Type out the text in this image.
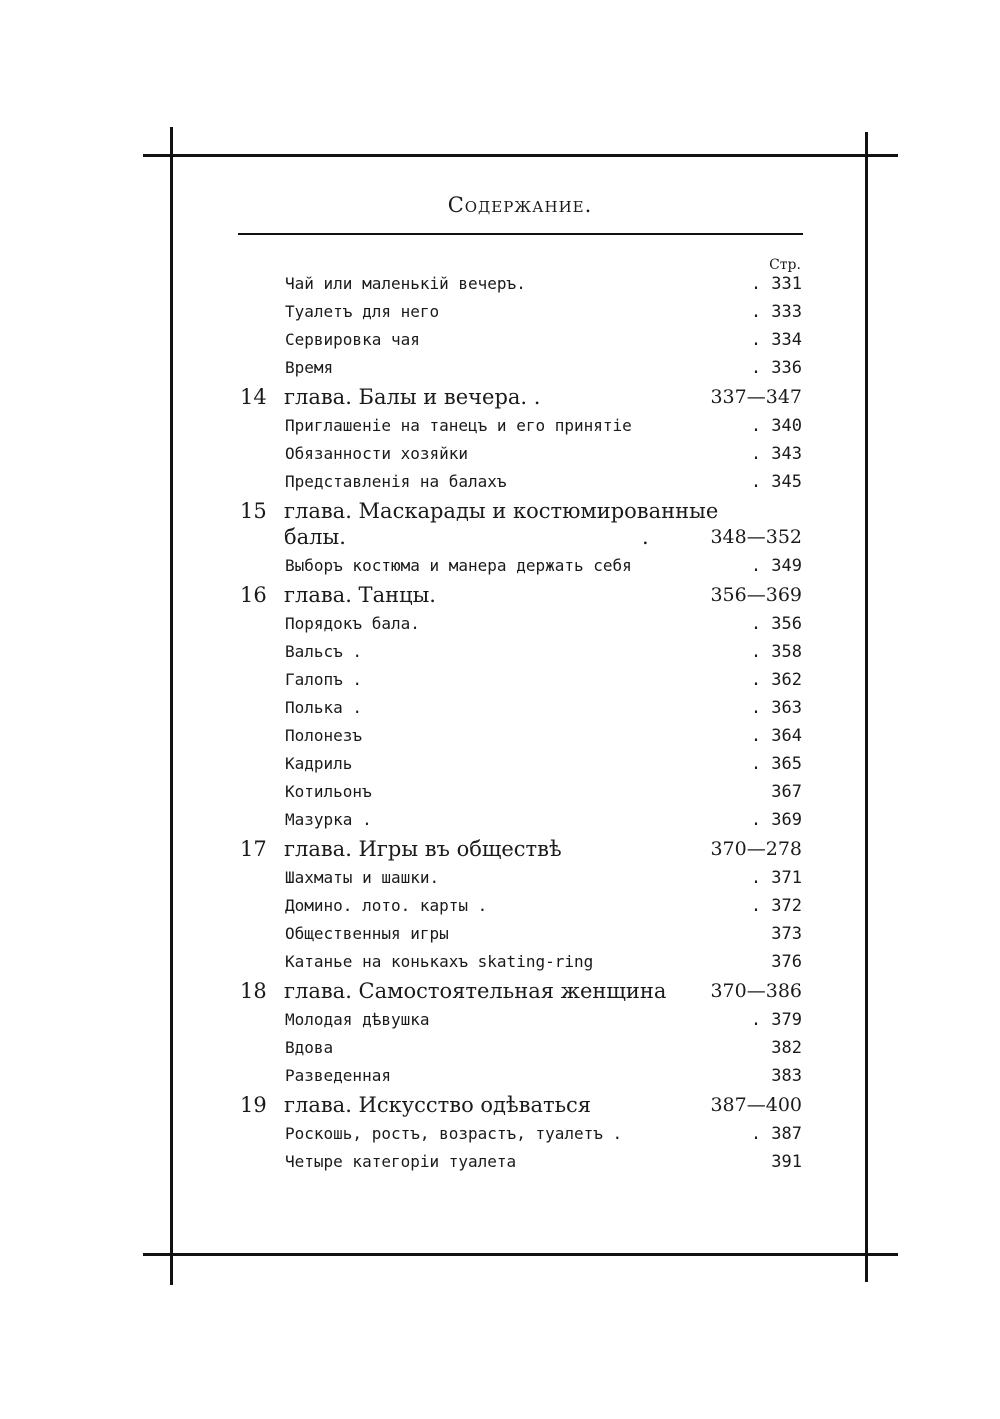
Содержание.
Стр.
Чай или маленькій вечеръ.	. 331
Туалетъ для него	. 333
Сервировка чая	. 334
Время	. 336
14 глава. Балы и вечера. .	337—347
Приглашеніе на танецъ и его принятіе	. 340
Обязанности хозяйки	. 343
Представленія на балахъ	. 345
15 глава. Маскарады и костюмированные
балы.	.	348—352
Выборъ костюма и манера держать себя	. 349
16 глава. Танцы.	356—369
Порядокъ бала.	. 356
Вальсъ .	. 358
Галопъ .	. 362
Полька .	. 363
Полонезъ	. 364
Кадриль	. 365
Котильонъ	367
Мазурка .	. 369
17 глава. Игры въ обществѣ	370—278
Шахматы и шашки.	. 371
Домино. лото. карты .	. 372
Общественныя игры	373
Катанье на конькахъ skating-ring	376
18 глава. Самостоятельная женщина 370—386
Молодая дѣвушка	. 379
Вдова	382
Разведенная	383
19 глава. Искусство одѣваться	387—400
Роскошь, ростъ, возрастъ, туалетъ .	. 387
Четыре категоріи туалета	391
